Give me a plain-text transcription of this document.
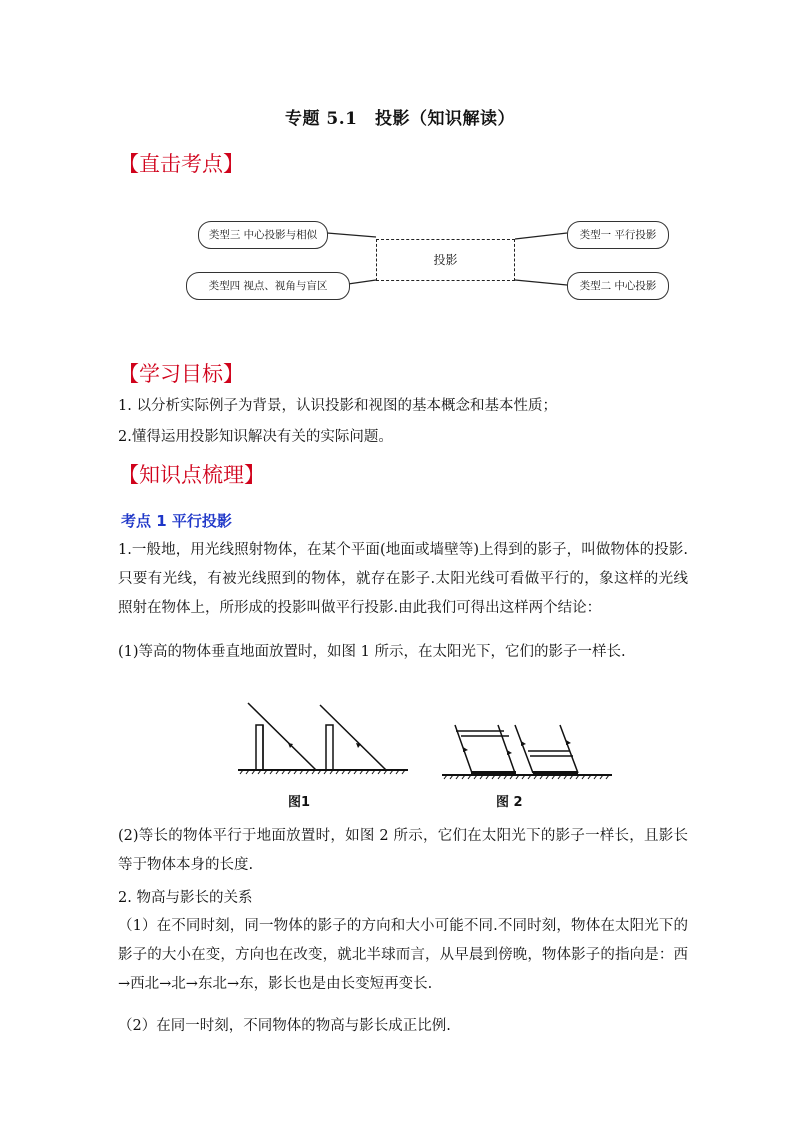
专题 5.1　投影（知识解读）
【直击考点】
类型三 中心投影与相似
类型四 视点、视角与盲区
类型一 平行投影
类型二 中心投影
投影
【学习目标】
1. 以分析实际例子为背景，认识投影和视图的基本概念和基本性质；
2.懂得运用投影知识解决有关的实际问题。
【知识点梳理】
考点 1 平行投影
1.一般地，用光线照射物体，在某个平面(地面或墙壁等)上得到的影子，叫做物体的投影.只要有光线，有被光线照到的物体，就存在影子.太阳光线可看做平行的，象这样的光线照射在物体上，所形成的投影叫做平行投影.由此我们可得出这样两个结论：
(1)等高的物体垂直地面放置时，如图 1 所示，在太阳光下，它们的影子一样长.
图1	图 2
(2)等长的物体平行于地面放置时，如图 2 所示，它们在太阳光下的影子一样长，且影长等于物体本身的长度.
2. 物高与影长的关系
（1）在不同时刻，同一物体的影子的方向和大小可能不同.不同时刻，物体在太阳光下的影子的大小在变，方向也在改变，就北半球而言，从早晨到傍晚，物体影子的指向是：西→西北→北→东北→东，影长也是由长变短再变长.
（2）在同一时刻，不同物体的物高与影长成正比例.
